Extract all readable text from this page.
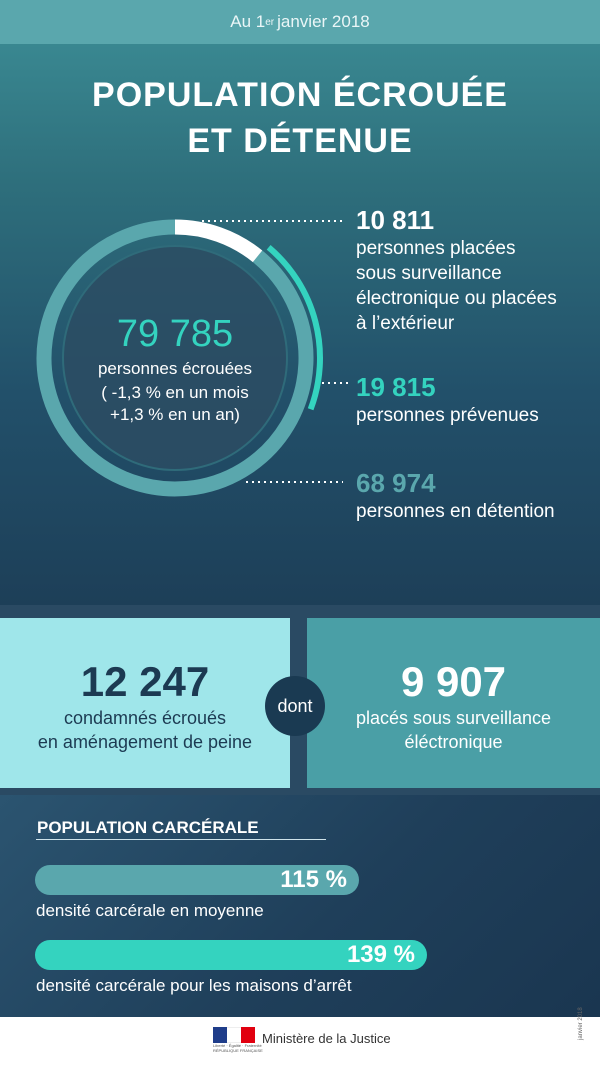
Au 1 er janvier 2018
POPULATION ÉCROUÉE
ET DÉTENUE
79 785
personnes écrouées
( -1,3 % en un mois
+1,3 % en un an)
10 811
personnes placées
sous surveillance
électronique ou placées
à l’extérieur
19 815
personnes prévenues
68 974
personnes en détention
12 247
condamnés écroués
en aménagement de peine
9 907
placés sous surveillance
éléctronique
dont
POPULATION CARCÉRALE
115 %
densité carcérale en moyenne
139 %
densité carcérale pour les maisons d’arrêt
Liberté · Égalité · Fraternité
RÉPUBLIQUE FRANÇAISE
Ministère de la Justice	janvier 2018
